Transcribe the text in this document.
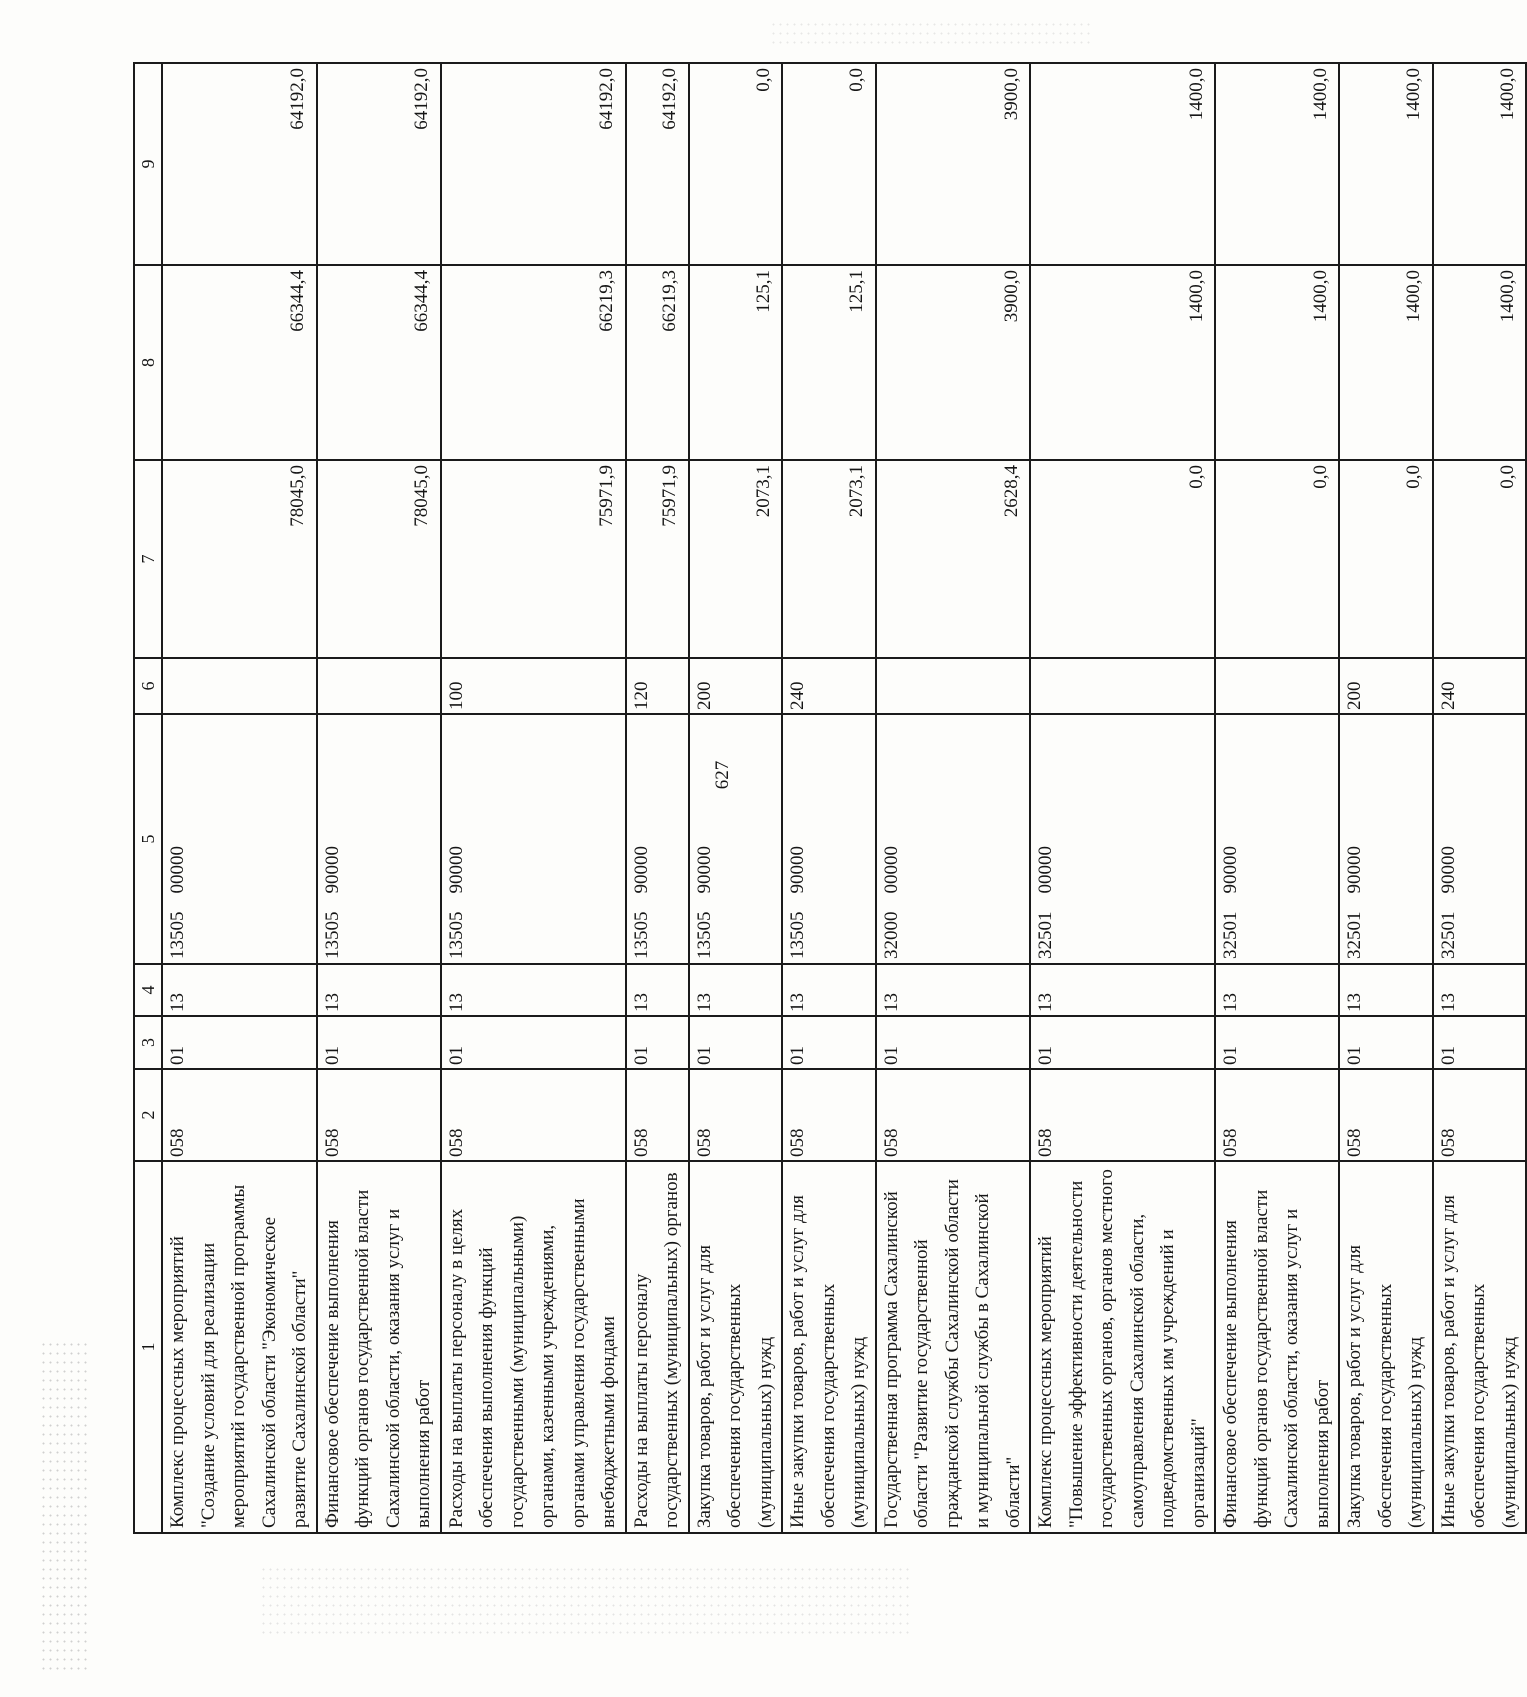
627
1	2	3	4	5	6	7	8	9
Комплекс процессных мероприятий "Создание условий для реализации мероприятий государственной программы Сахалинской области "Экономическое развитие Сахалинской области"	058	01	13	1350500000		78045,0	66344,4	64192,0
Финансовое обеспечение выполнения функций органов государственной власти Сахалинской области, оказания услуг и выполнения работ	058	01	13	1350590000		78045,0	66344,4	64192,0
Расходы на выплаты персоналу в целях обеспечения выполнения функций государственными (муниципальными) органами, казенными учреждениями, органами управления государственными внебюджетными фондами	058	01	13	1350590000	100	75971,9	66219,3	64192,0
Расходы на выплаты персоналу государственных (муниципальных) органов	058	01	13	1350590000	120	75971,9	66219,3	64192,0
Закупка товаров, работ и услуг для обеспечения государственных (муниципальных) нужд	058	01	13	1350590000	200	2073,1	125,1	0,0
Иные закупки товаров, работ и услуг для обеспечения государственных (муниципальных) нужд	058	01	13	1350590000	240	2073,1	125,1	0,0
Государственная программа Сахалинской области "Развитие государственной гражданской службы Сахалинской области и муниципальной службы в Сахалинской области"	058	01	13	3200000000		2628,4	3900,0	3900,0
Комплекс процессных мероприятий "Повышение эффективности деятельности государственных органов, органов местного самоуправления Сахалинской области, подведомственных им учреждений и организаций"	058	01	13	3250100000		0,0	1400,0	1400,0
Финансовое обеспечение выполнения функций органов государственной власти Сахалинской области, оказания услуг и выполнения работ	058	01	13	3250190000		0,0	1400,0	1400,0
Закупка товаров, работ и услуг для обеспечения государственных (муниципальных) нужд	058	01	13	3250190000	200	0,0	1400,0	1400,0
Иные закупки товаров, работ и услуг для обеспечения государственных (муниципальных) нужд	058	01	13	3250190000	240	0,0	1400,0	1400,0
